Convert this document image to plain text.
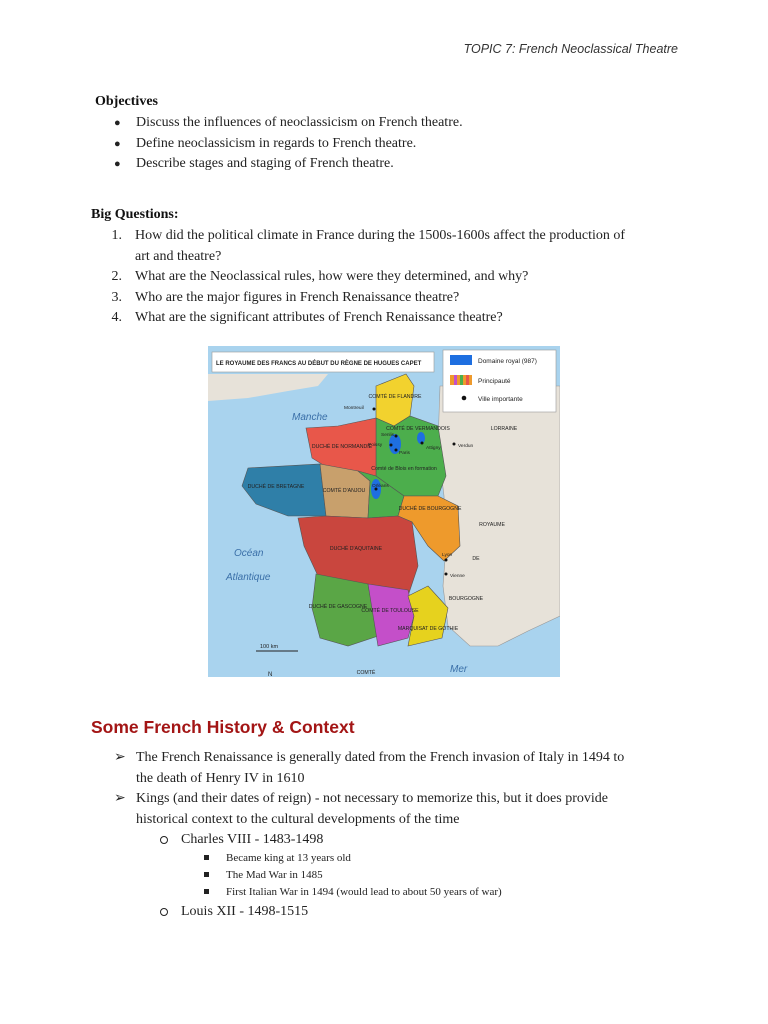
TOPIC 7: French Neoclassical Theatre
Objectives
● Discuss the influences of neoclassicism on French theatre.
● Define neoclassicism in regards to French theatre.
● Describe stages and staging of French theatre.
Big Questions:
1. How did the political climate in France during the 1500s-1600s affect the production of
art and theatre?
2. What are the Neoclassical rules, how were they determined, and why?
3. Who are the major figures in French Renaissance theatre?
4. What are the significant attributes of French Renaissance theatre?
LE ROYAUME DES FRANCS AU DÉBUT DU RÈGNE DE HUGUES CAPET	Domaine royal (987)
Principauté
Ville importante
Manche
Océan
Atlantique
Mer
COMTÉ DE FLANDRE
COMTÉ DE VERMANDOIS
DUCHÉ DE NORMANDIE
DUCHÉ DE BRETAGNE
COMTÉ D'ANJOU
Comté de Blois en formation
DUCHÉ DE BOURGOGNE
DUCHÉ D'AQUITAINE
DUCHÉ DE GASCOGNE
COMTÉ DE TOULOUSE
MARQUISAT DE GOTHIE
LORRAINE
ROYAUME
DE
BOURGOGNE
COMTÉ
Montreuil
Senlis
Poissy
Paris
Attigny	Verdun
Orléans
Lyon
Vienne
100 km
N
Some French History & Context
➢ The French Renaissance is generally dated from the French invasion of Italy in 1494 to
the death of Henry IV in 1610
➢ Kings (and their dates of reign) - not necessary to memorize this, but it does provide
historical context to the cultural developments of the time
Charles VIII - 1483-1498
Became king at 13 years old
The Mad War in 1485
First Italian War in 1494 (would lead to about 50 years of war)
Louis XII - 1498-1515
